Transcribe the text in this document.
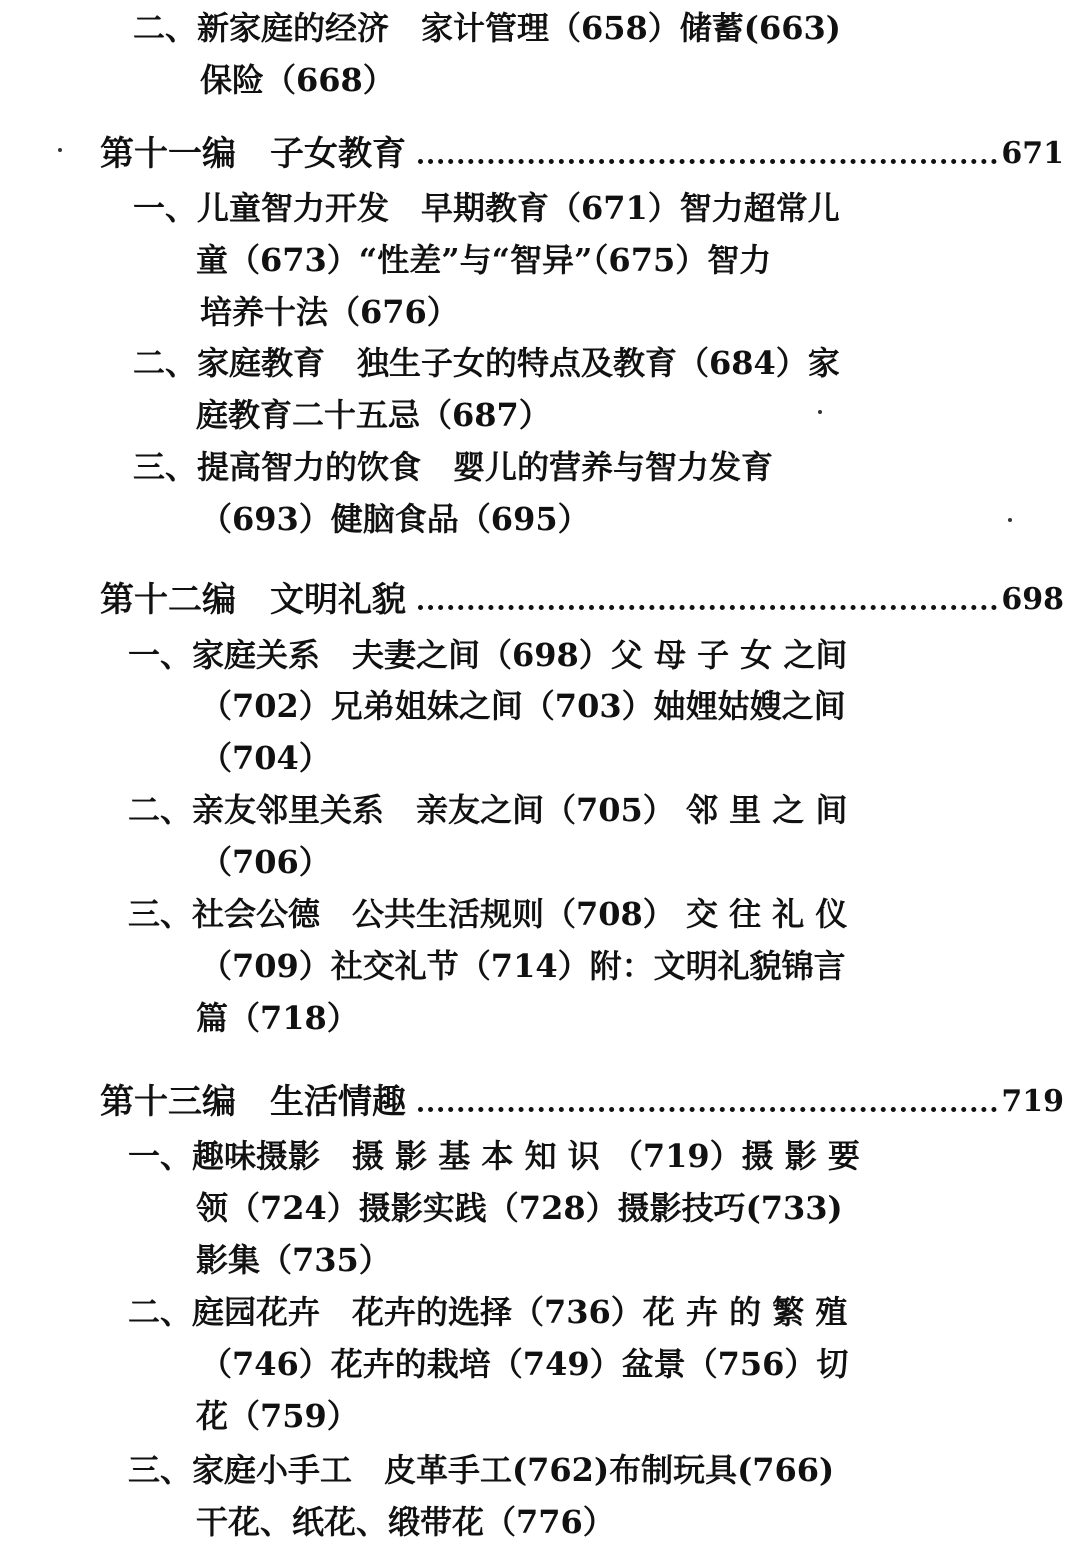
二、新家庭的经济　家计管理（658）储蓄(663)
保险（668）
第十一编　子女教育	671
一、儿童智力开发　早期教育（671）智力超常儿
童（673）“性差”与“智异”（675）智力
培养十法（676）
二、家庭教育　独生子女的特点及教育（684）家
庭教育二十五忌（687）
三、提高智力的饮食　婴儿的营养与智力发育
（693）健脑食品（695）
第十二编　文明礼貌	698
一、家庭关系　夫妻之间（698）父 母 子 女 之间
（702）兄弟姐妹之间（703）妯娌姑嫂之间
（704）
二、亲友邻里关系　亲友之间（705） 邻 里 之 间
（706）
三、社会公德　公共生活规则（708） 交 往 礼 仪
（709）社交礼节（714）附：文明礼貌锦言
篇（718）
第十三编　生活情趣	719
一、趣味摄影　摄 影 基 本 知 识 （719）摄 影 要
领（724）摄影实践（728）摄影技巧(733)
影集（735）
二、庭园花卉　花卉的选择（736）花 卉 的 繁 殖
（746）花卉的栽培（749）盆景（756）切
花（759）
三、家庭小手工　皮革手工(762)布制玩具(766)
干花、纸花、缎带花（776）
